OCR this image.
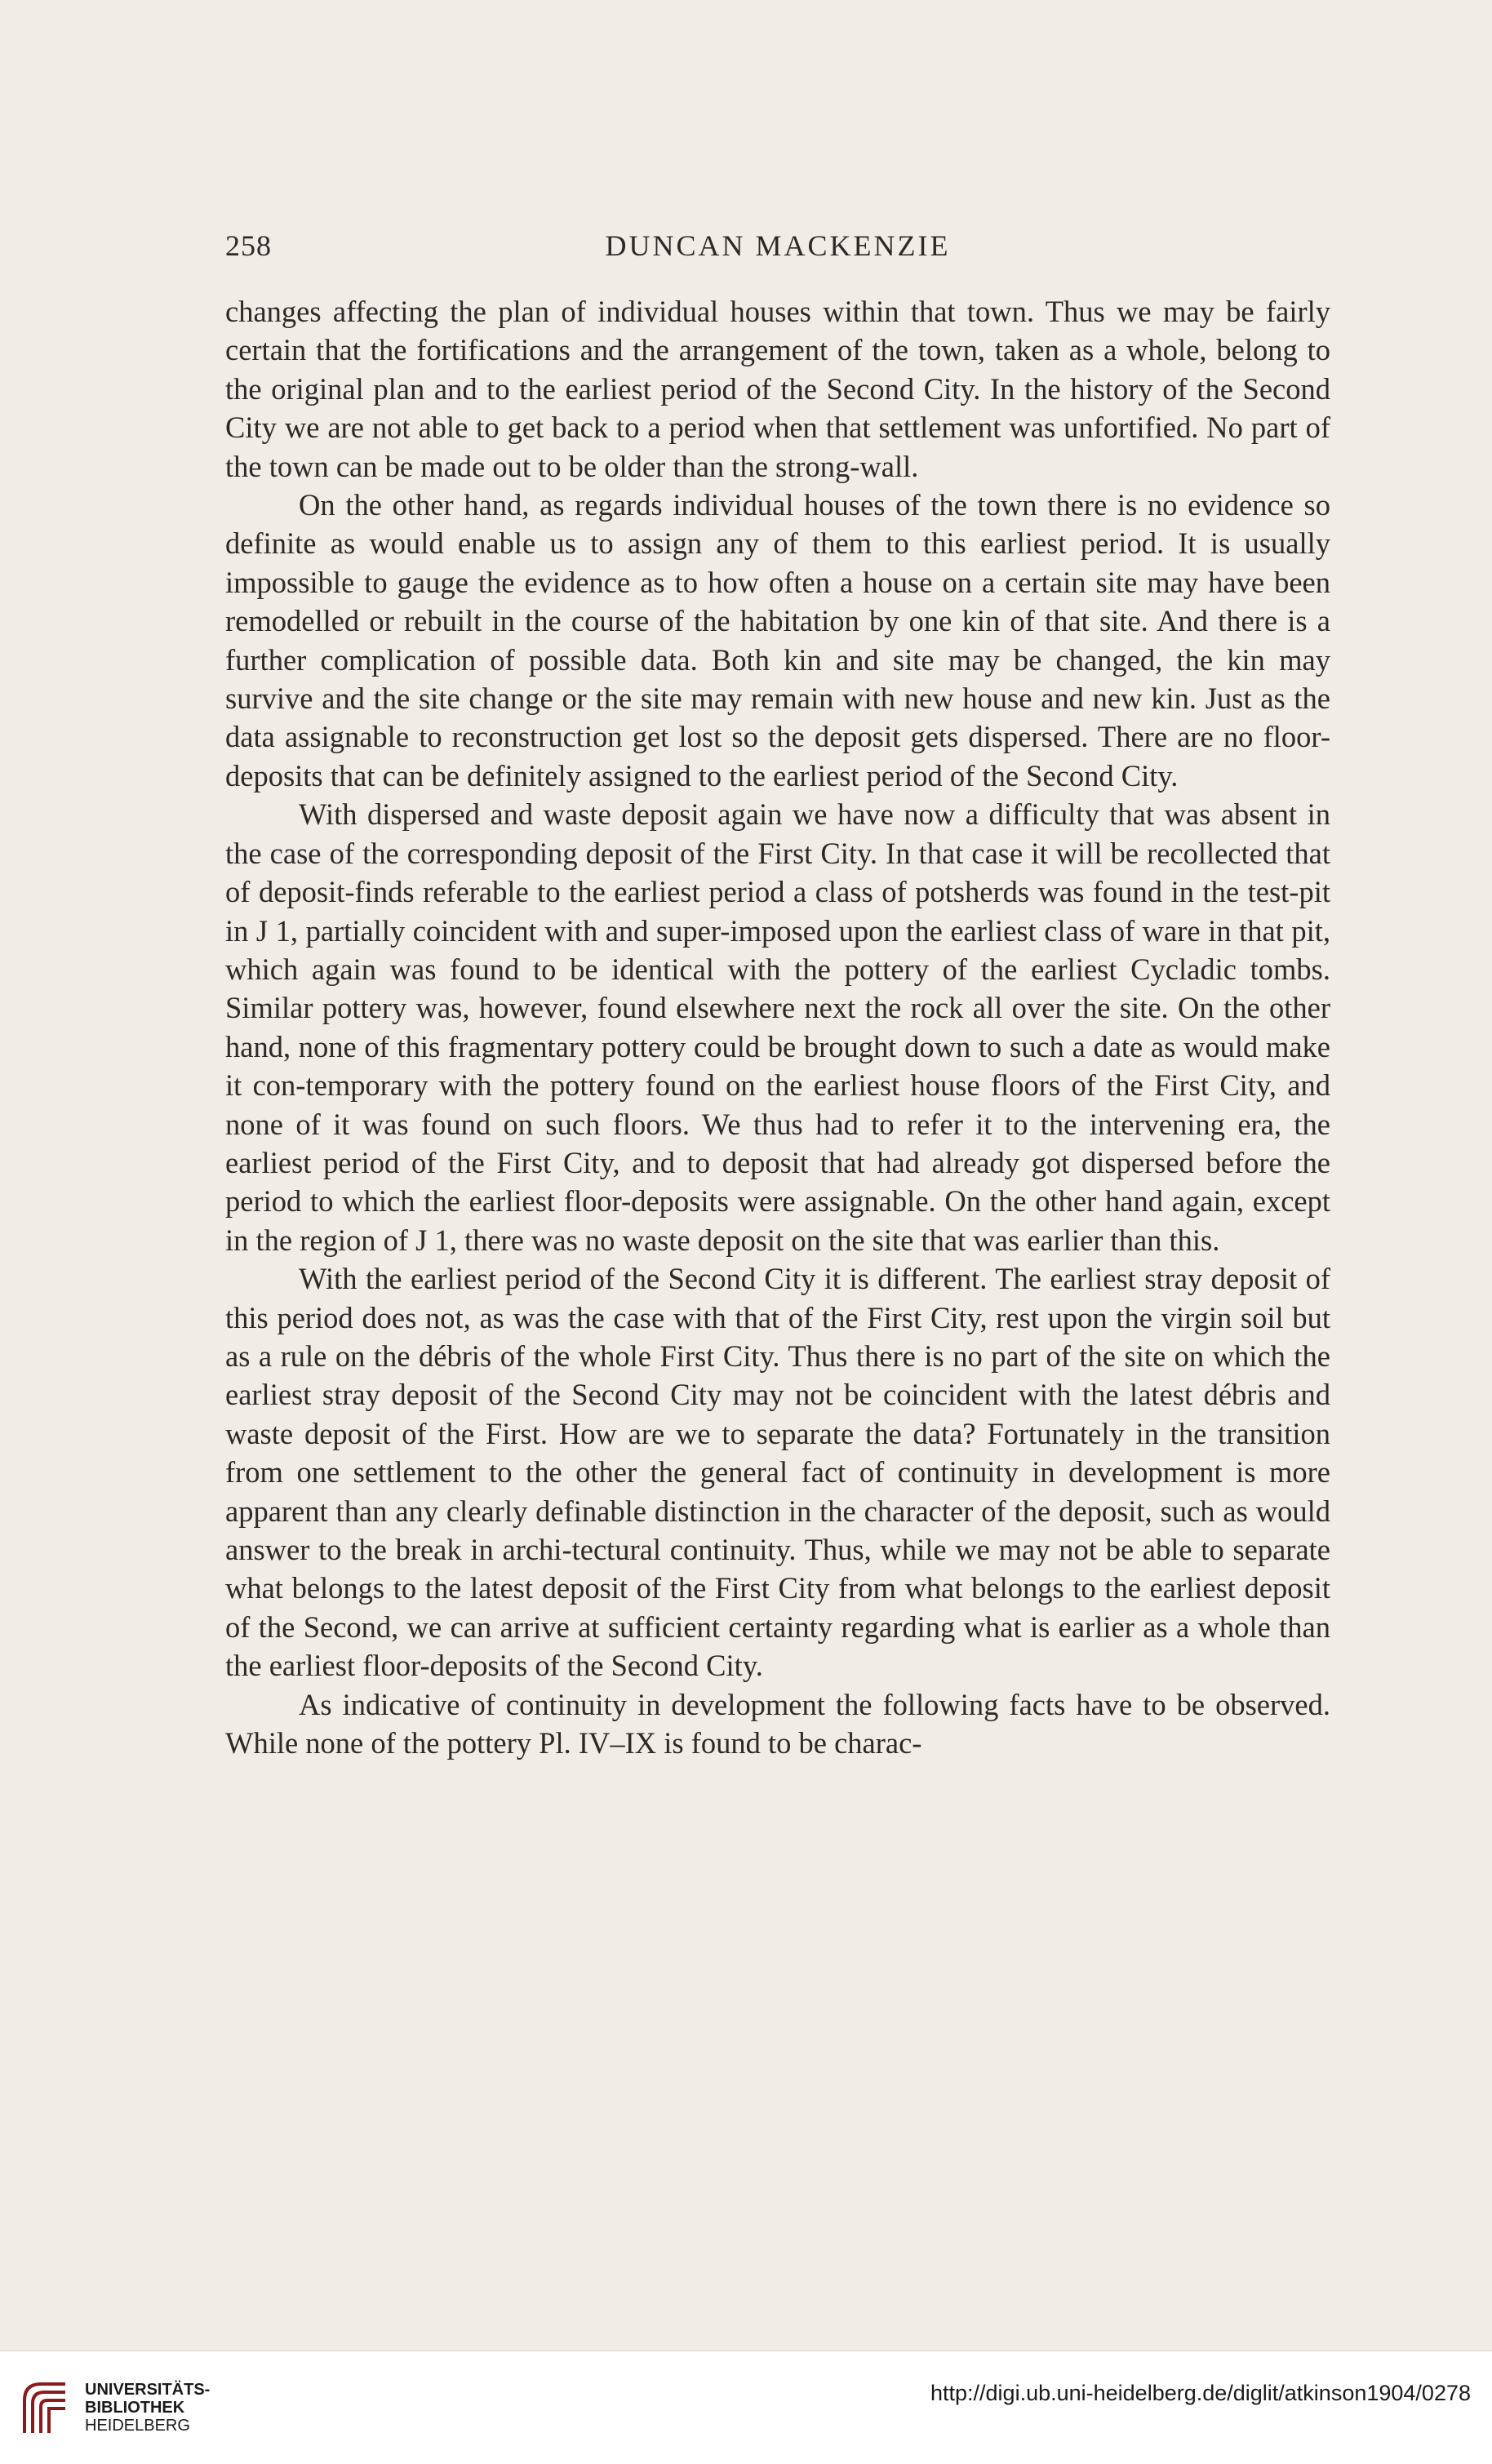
258	DUNCAN MACKENZIE

changes affecting the plan of individual houses within that town. Thus we may be fairly certain that the fortifications and the arrangement of the town, taken as a whole, belong to the original plan and to the earliest period of the Second City. In the history of the Second City we are not able to get back to a period when that settlement was unfortified. No part of the town can be made out to be older than the strong-wall.

On the other hand, as regards individual houses of the town there is no evidence so definite as would enable us to assign any of them to this earliest period. It is usually impossible to gauge the evidence as to how often a house on a certain site may have been remodelled or rebuilt in the course of the habitation by one kin of that site. And there is a further complication of possible data. Both kin and site may be changed, the kin may survive and the site change or the site may remain with new house and new kin. Just as the data assignable to reconstruction get lost so the deposit gets dispersed. There are no floor-deposits that can be definitely assigned to the earliest period of the Second City.

With dispersed and waste deposit again we have now a difficulty that was absent in the case of the corresponding deposit of the First City. In that case it will be recollected that of deposit-finds referable to the earliest period a class of potsherds was found in the test-pit in J 1, partially coincident with and super-imposed upon the earliest class of ware in that pit, which again was found to be identical with the pottery of the earliest Cycladic tombs. Similar pottery was, however, found elsewhere next the rock all over the site. On the other hand, none of this fragmentary pottery could be brought down to such a date as would make it con-temporary with the pottery found on the earliest house floors of the First City, and none of it was found on such floors. We thus had to refer it to the intervening era, the earliest period of the First City, and to deposit that had already got dispersed before the period to which the earliest floor-deposits were assignable. On the other hand again, except in the region of J 1, there was no waste deposit on the site that was earlier than this.

With the earliest period of the Second City it is different. The earliest stray deposit of this period does not, as was the case with that of the First City, rest upon the virgin soil but as a rule on the débris of the whole First City. Thus there is no part of the site on which the earliest stray deposit of the Second City may not be coincident with the latest débris and waste deposit of the First. How are we to separate the data? Fortunately in the transition from one settlement to the other the general fact of continuity in development is more apparent than any clearly definable distinction in the character of the deposit, such as would answer to the break in archi-tectural continuity. Thus, while we may not be able to separate what belongs to the latest deposit of the First City from what belongs to the earliest deposit of the Second, we can arrive at sufficient certainty regarding what is earlier as a whole than the earliest floor-deposits of the Second City.

As indicative of continuity in development the following facts have to be observed. While none of the pottery Pl. IV–IX is found to be charac-

UNIVERSITÄTS-
BIBLIOTHEK
HEIDELBERG
http://digi.ub.uni-heidelberg.de/diglit/atkinson1904/0278
